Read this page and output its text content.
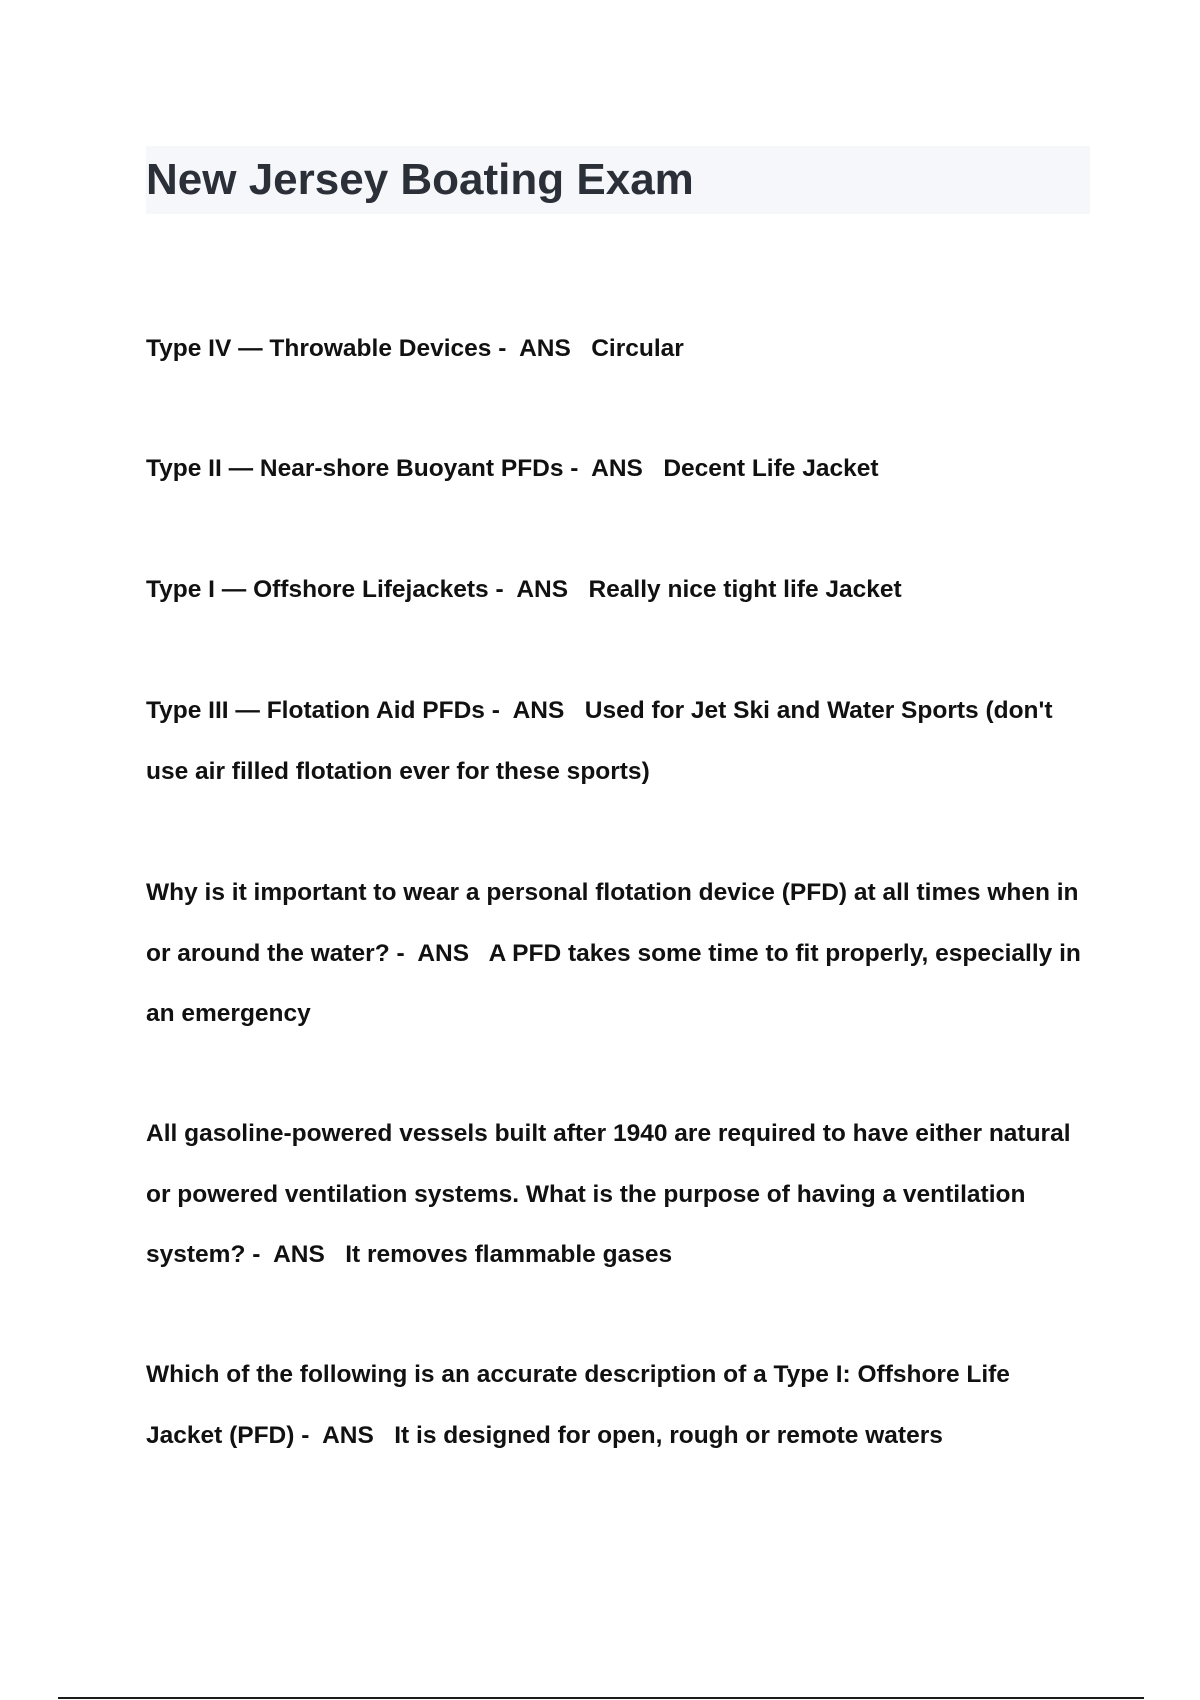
New Jersey Boating Exam

Type IV — Throwable Devices -  ANS   Circular

Type II — Near-shore Buoyant PFDs -  ANS   Decent Life Jacket

Type I — Offshore Lifejackets -  ANS   Really nice tight life Jacket

Type III — Flotation Aid PFDs -  ANS   Used for Jet Ski and Water Sports (don't use air filled flotation ever for these sports)

Why is it important to wear a personal flotation device (PFD) at all times when in or around the water? -  ANS   A PFD takes some time to fit properly, especially in an emergency

All gasoline-powered vessels built after 1940 are required to have either natural or powered ventilation systems. What is the purpose of having a ventilation system? -  ANS   It removes flammable gases

Which of the following is an accurate description of a Type I: Offshore Life Jacket (PFD) -  ANS   It is designed for open, rough or remote waters
